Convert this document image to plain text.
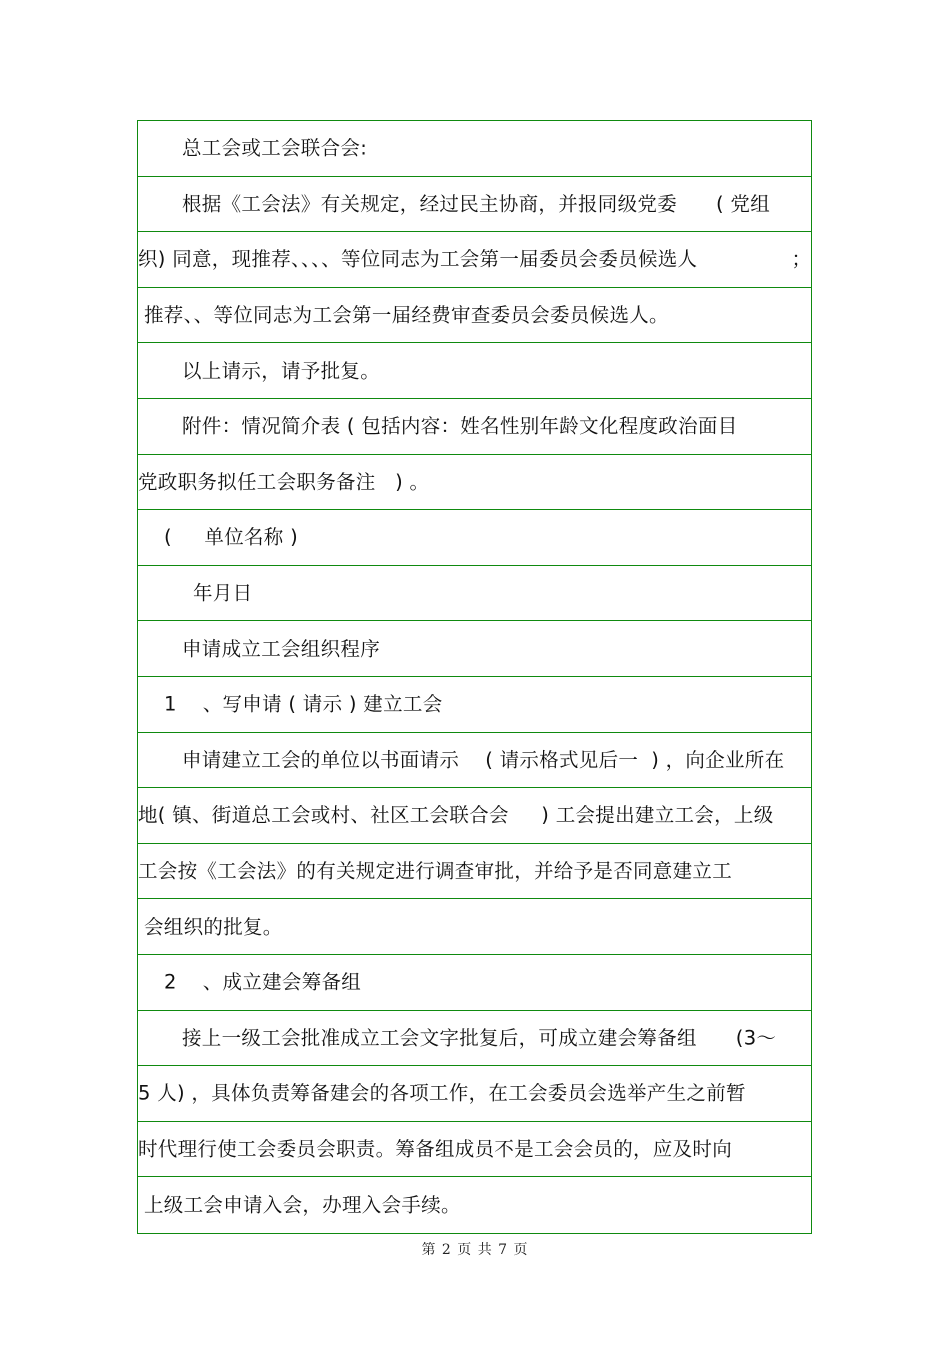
总工会或工会联合会:
根据《工会法》有关规定，经过民主协商，并报同级党委      ( 党组
织) 同意，现推荐、、、、等位同志为工会第一届委员会委员候选人	；
推荐、、等位同志为工会第一届经费审查委员会委员候选人。
以上请示，请予批复。
附件：情况简介表 ( 包括内容：姓名性别年龄文化程度政治面目
党政职务拟任工会职务备注   ) 。
(     单位名称 )
年月日
申请成立工会组织程序
1    、写申请 ( 请示 ) 建立工会
申请建立工会的单位以书面请示    ( 请示格式见后一  ) ，向企业所在
地( 镇、街道总工会或村、社区工会联合会     ) 工会提出建立工会，上级
工会按《工会法》的有关规定进行调查审批，并给予是否同意建立工
会组织的批复。
2    、成立建会筹备组
接上一级工会批准成立工会文字批复后，可成立建会筹备组      (3～
5 人) ，具体负责筹备建会的各项工作，在工会委员会选举产生之前暂
时代理行使工会委员会职责。筹备组成员不是工会会员的，应及时向
上级工会申请入会，办理入会手续。
第 2 页 共 7 页
